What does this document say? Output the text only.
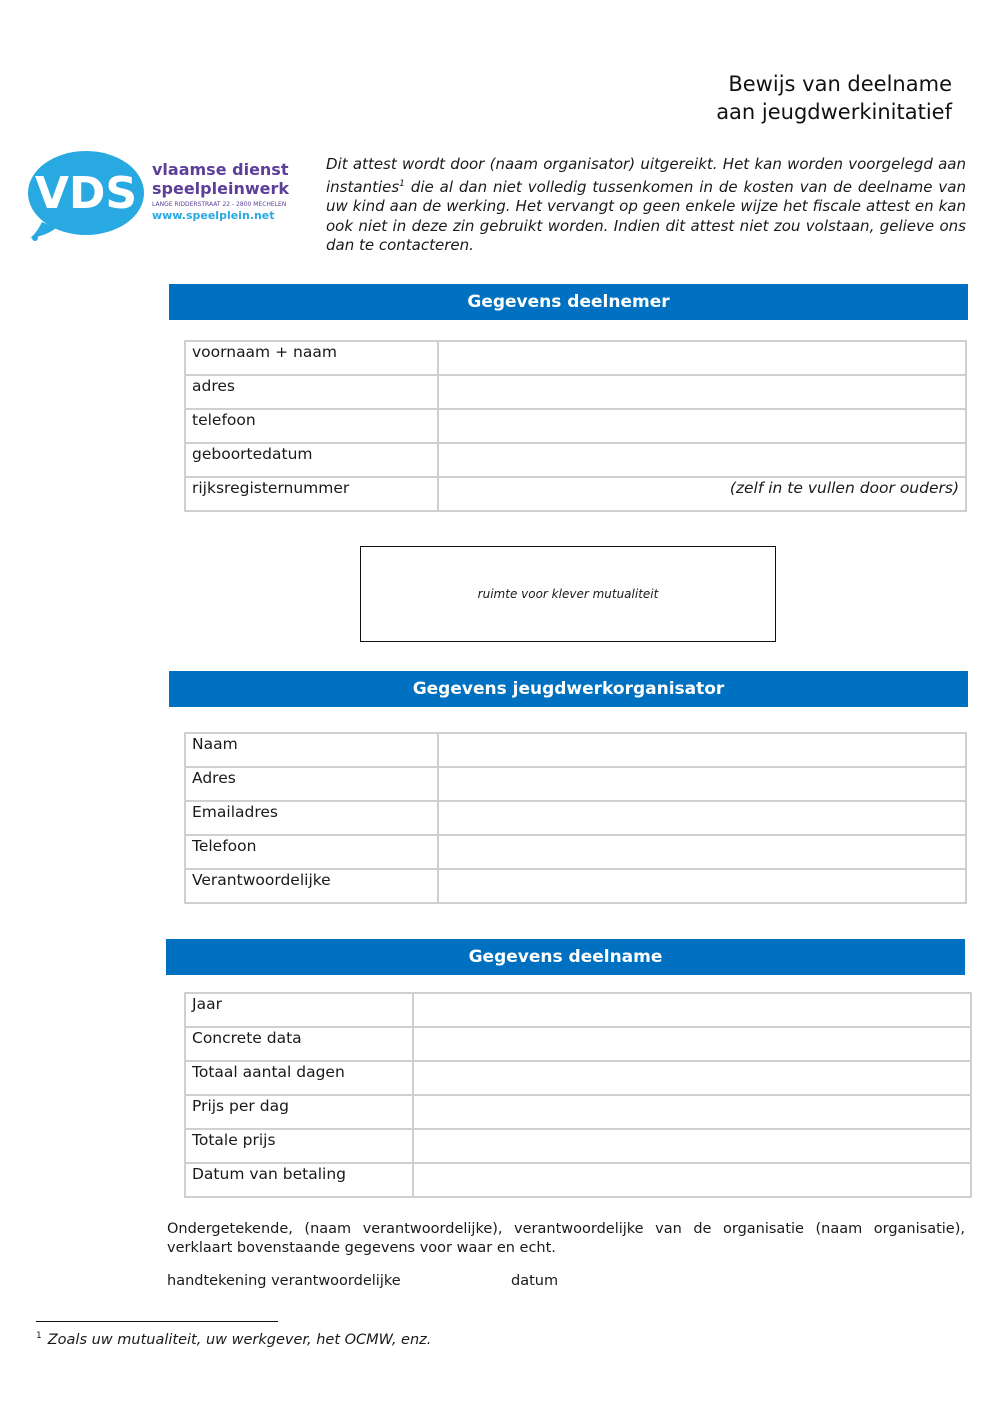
Bewijs van deelname
aan jeugdwerkinitatief
VDS vlaamse dienst
speelpleinwerk
LANGE RIDDERSTRAAT 22 - 2800 MECHELEN
www.speelplein.net
Dit attest wordt door (naam organisator) uitgereikt. Het kan worden voorgelegd aan instanties$^1$ die al dan niet volledig tussenkomen in de kosten van de deelname van uw kind aan de werking. Het vervangt op geen enkele wijze het fiscale attest en kan ook niet in deze zin gebruikt worden. Indien dit attest niet zou volstaan, gelieve ons dan te contacteren.
Gegevens deelnemer
voornaam + naam	
adres	
telefoon	
geboortedatum	
rijksregisternummer	(zelf in te vullen door ouders)
ruimte voor klever mutualiteit
Gegevens jeugdwerkorganisator
Naam	
Adres	
Emailadres	
Telefoon	
Verantwoordelijke	
Gegevens deelname
Jaar	
Concrete data	
Totaal aantal dagen	
Prijs per dag	
Totale prijs	
Datum van betaling	
Ondergetekende, (naam verantwoordelijke), verantwoordelijke van de organisatie (naam organisatie), verklaart bovenstaande gegevens voor waar en echt.
handtekening verantwoordelijke	datum
$^1$ Zoals uw mutualiteit, uw werkgever, het OCMW, enz.
